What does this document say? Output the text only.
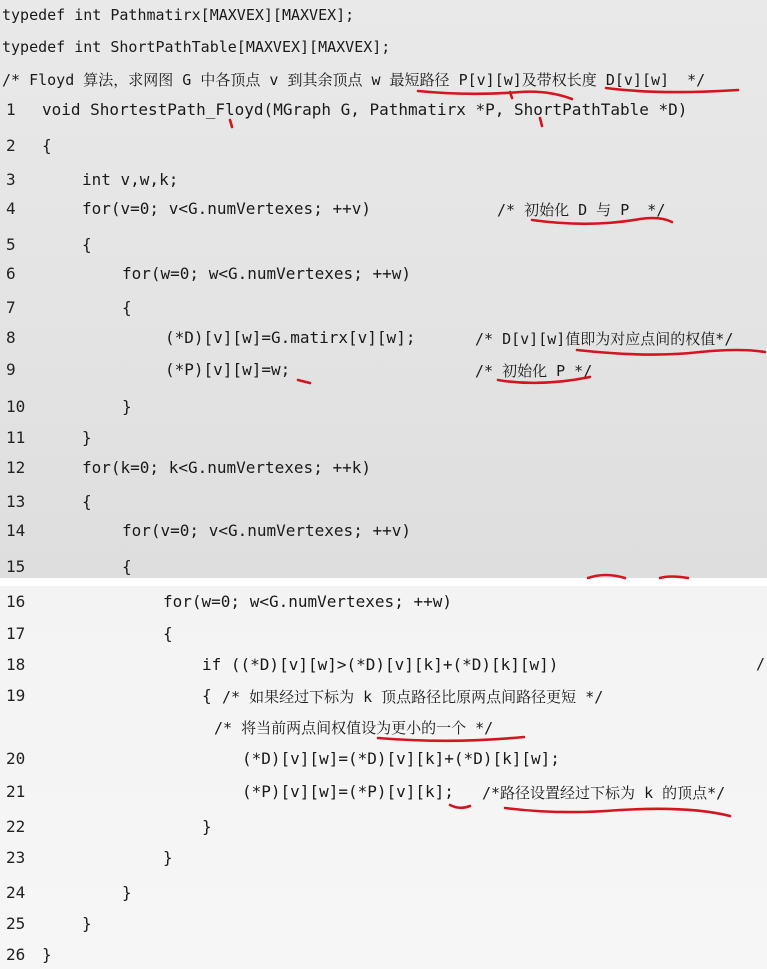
typedef int Pathmatirx[MAXVEX][MAXVEX];
typedef int ShortPathTable[MAXVEX][MAXVEX];
/* Floyd 算法，求网图 G 中各顶点 v 到其余顶点 w 最短路径 P[v][w]及带权长度 D[v][w]  */
1 void ShortestPath_Floyd(MGraph G, Pathmatirx *P, ShortPathTable *D)
2 {
3	int v,w,k;
4	for(v=0; v<G.numVertexes; ++v)	/* 初始化 D 与 P  */
5	{
6	for(w=0; w<G.numVertexes; ++w)
7	{
8	(*D)[v][w]=G.matirx[v][w];	/* D[v][w]值即为对应点间的权值*/
9	(*P)[v][w]=w;	/* 初始化 P */
10	}
11	}
12	for(k=0; k<G.numVertexes; ++k)
13	{
14	for(v=0; v<G.numVertexes; ++v)
15	{
16	for(w=0; w<G.numVertexes; ++w)
17	{
18	if ((*D)[v][w]>(*D)[v][k]+(*D)[k][w])	/
19	{ /* 如果经过下标为 k 顶点路径比原两点间路径更短 */
/* 将当前两点间权值设为更小的一个 */
20	(*D)[v][w]=(*D)[v][k]+(*D)[k][w];
21	(*P)[v][w]=(*P)[v][k]; /*路径设置经过下标为 k 的顶点*/
22	}
23	}
24	}
25	}
26 }
